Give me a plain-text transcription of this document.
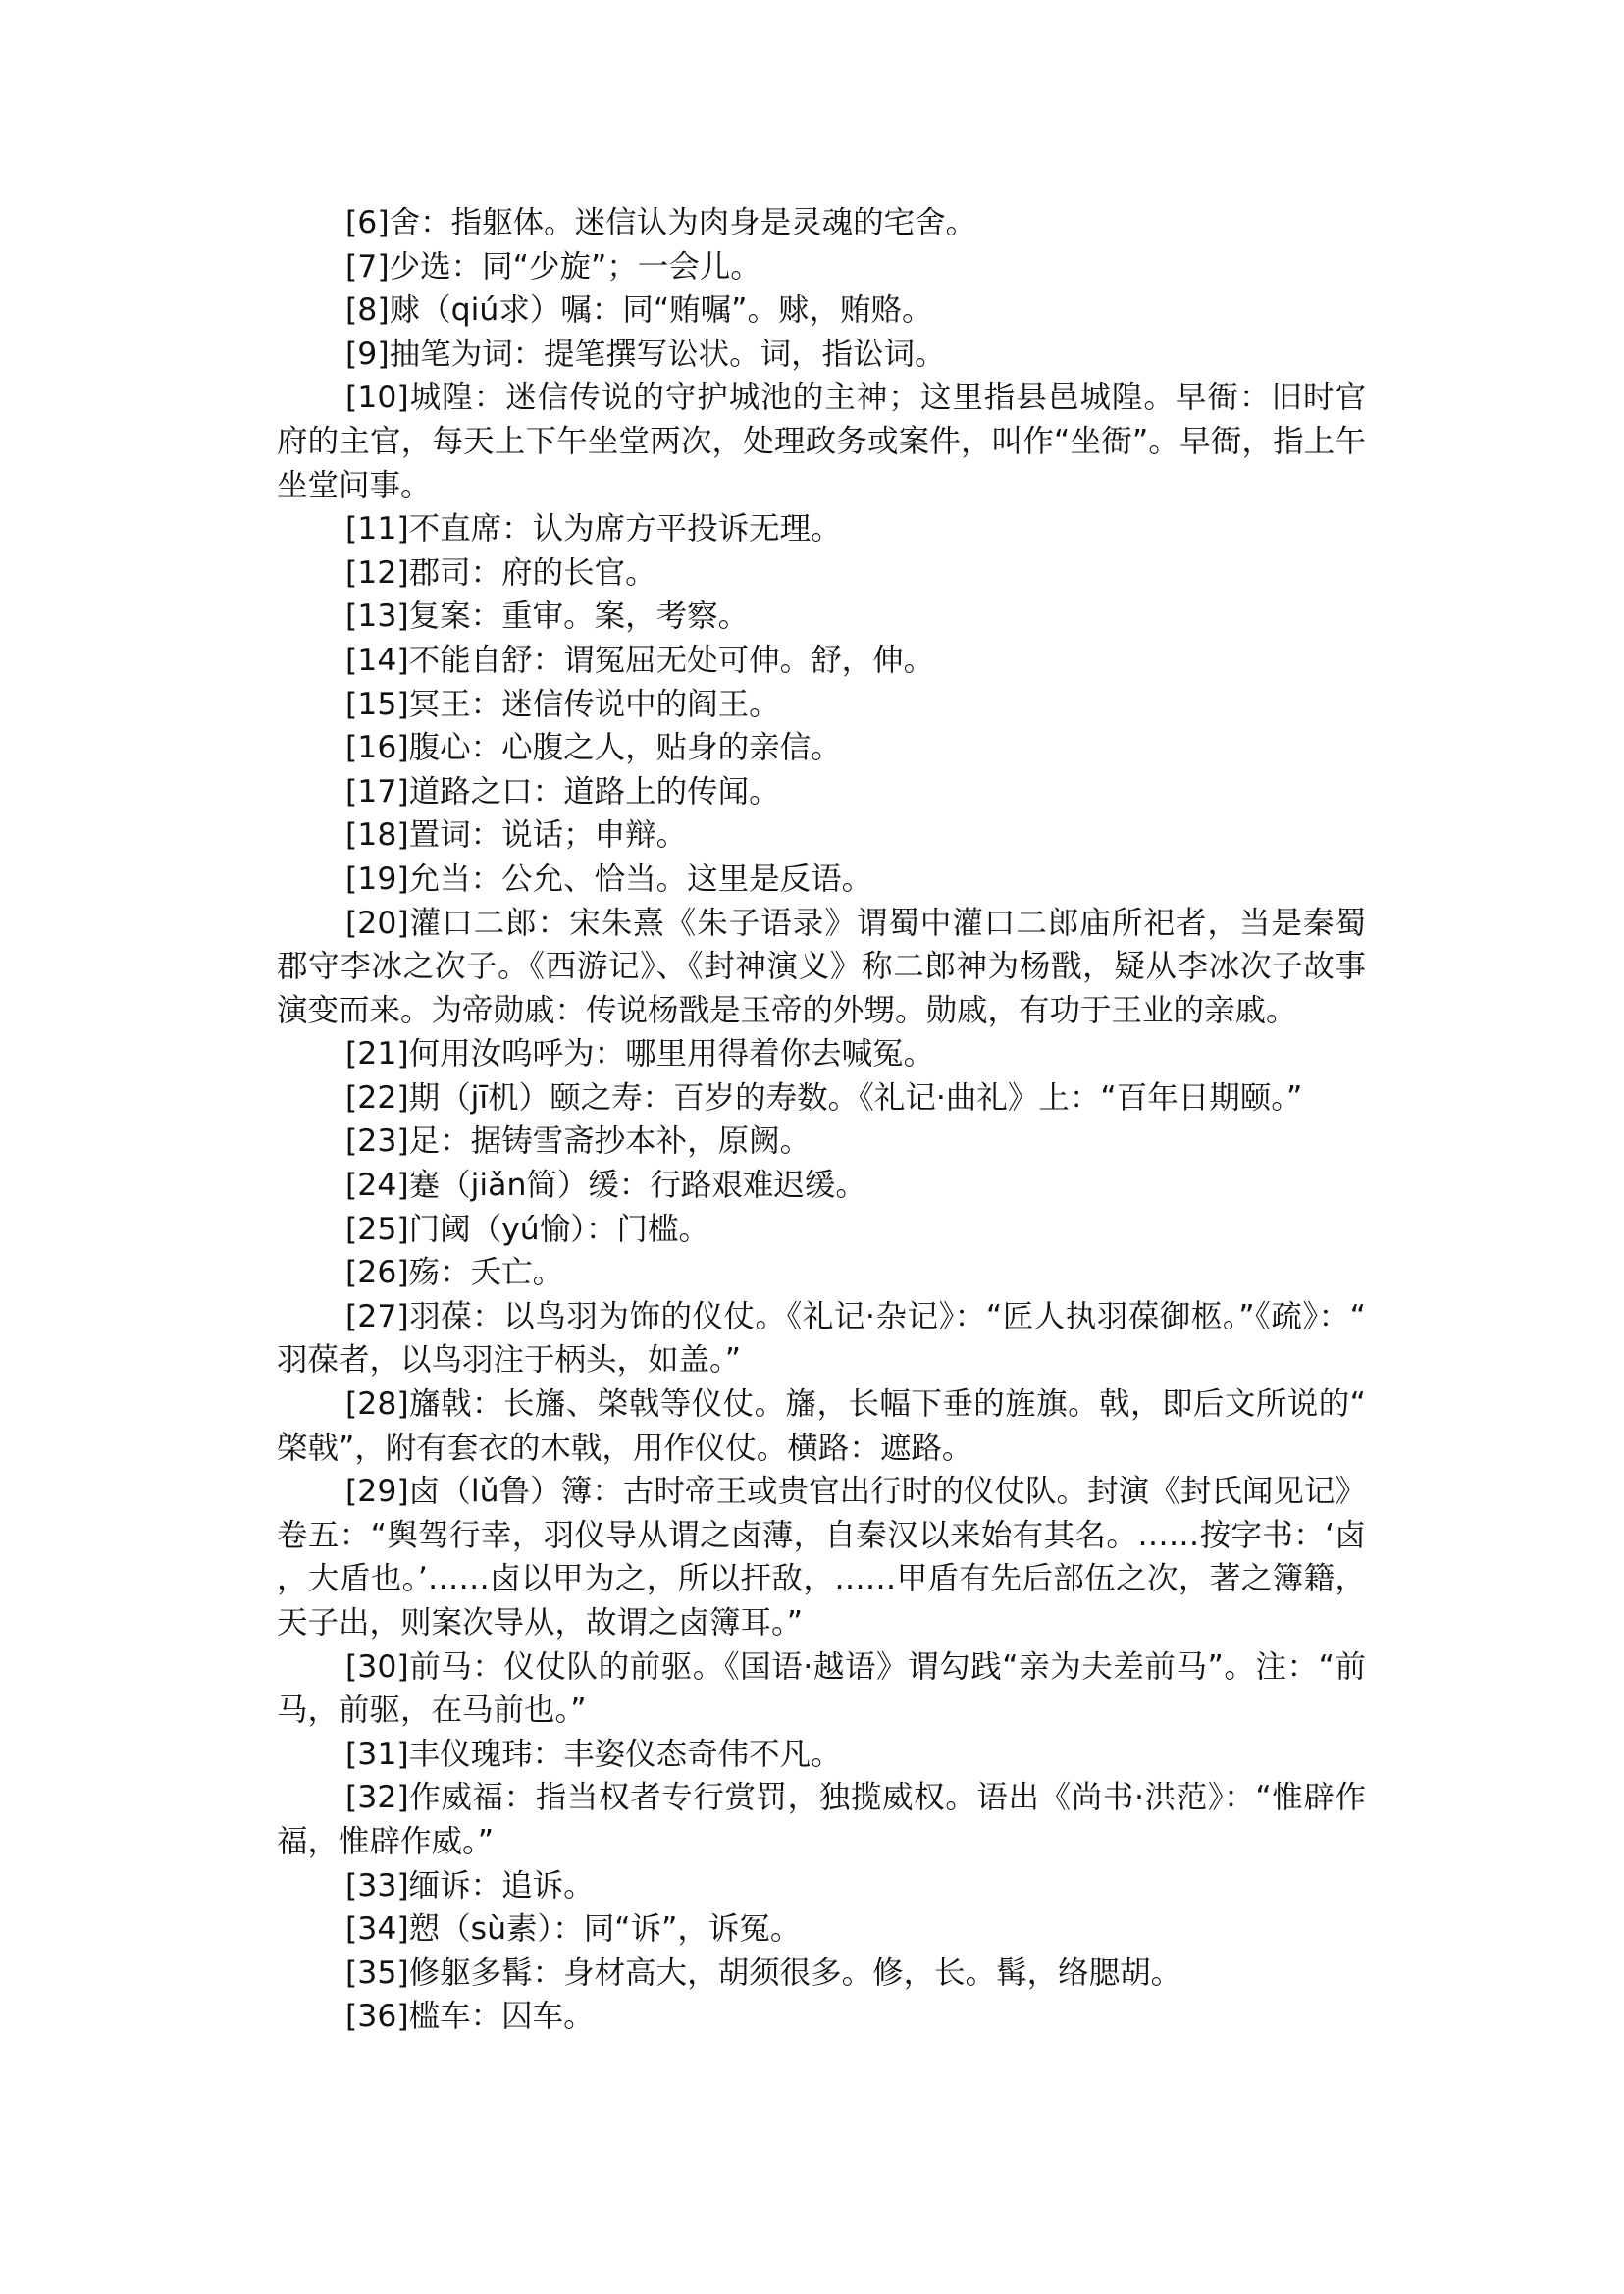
[6]舍：指躯体。迷信认为肉身是灵魂的宅舍。

[7]少选：同“少旋”；一会儿。

[8]赇（qiú求）嘱：同“贿嘱”。赇，贿赂。

[9]抽笔为词：提笔撰写讼状。词，指讼词。

[10]城隍：迷信传说的守护城池的主神；这里指县邑城隍。早衙：旧时官府的主官，每天上下午坐堂两次，处理政务或案件，叫作“坐衙”。早衙，指上午坐堂问事。

[11]不直席：认为席方平投诉无理。

[12]郡司：府的长官。

[13]复案：重审。案，考察。

[14]不能自舒：谓冤屈无处可伸。舒，伸。

[15]冥王：迷信传说中的阎王。

[16]腹心：心腹之人，贴身的亲信。

[17]道路之口：道路上的传闻。

[18]置词：说话；申辩。

[19]允当：公允、恰当。这里是反语。

[20]灌口二郎：宋朱熹《朱子语录》谓蜀中灌口二郎庙所祀者，当是秦蜀郡守李冰之次子。《西游记》、《封神演义》称二郎神为杨戬，疑从李冰次子故事演变而来。为帝勋戚：传说杨戬是玉帝的外甥。勋戚，有功于王业的亲戚。

[21]何用汝呜呼为：哪里用得着你去喊冤。

[22]期（jī机）颐之寿：百岁的寿数。《礼记·曲礼》上：“百年日期颐。”

[23]足：据铸雪斋抄本补，原阙。

[24]蹇（jiǎn简）缓：行路艰难迟缓。

[25]门阈（yú愉）：门槛。

[26]殇：夭亡。

[27]羽葆：以鸟羽为饰的仪仗。《礼记·杂记》：“匠人执羽葆御柩。”《疏》：“羽葆者，以鸟羽注于柄头，如盖。”

[28]旛戟：长旛、棨戟等仪仗。旛，长幅下垂的旌旗。戟，即后文所说的“棨戟”，附有套衣的木戟，用作仪仗。横路：遮路。

[29]卤（lǔ鲁）簿：古时帝王或贵官出行时的仪仗队。封演《封氏闻见记》卷五：“舆驾行幸，羽仪导从谓之卤薄，自秦汉以来始有其名。……按字书：‘卤，大盾也。’……卤以甲为之，所以扞敌，……甲盾有先后部伍之次，著之簿籍，天子出，则案次导从，故谓之卤簿耳。”

[30]前马：仪仗队的前驱。《国语·越语》谓勾践“亲为夫差前马”。注：“前马，前驱，在马前也。”

[31]丰仪瑰玮：丰姿仪态奇伟不凡。

[32]作威福：指当权者专行赏罚，独揽威权。语出《尚书·洪范》：“惟辟作福，惟辟作威。”

[33]缅诉：追诉。

[34]愬（sù素）：同“诉”，诉冤。

[35]修躯多髯：身材高大，胡须很多。修，长。髯，络腮胡。

[36]槛车：囚车。
